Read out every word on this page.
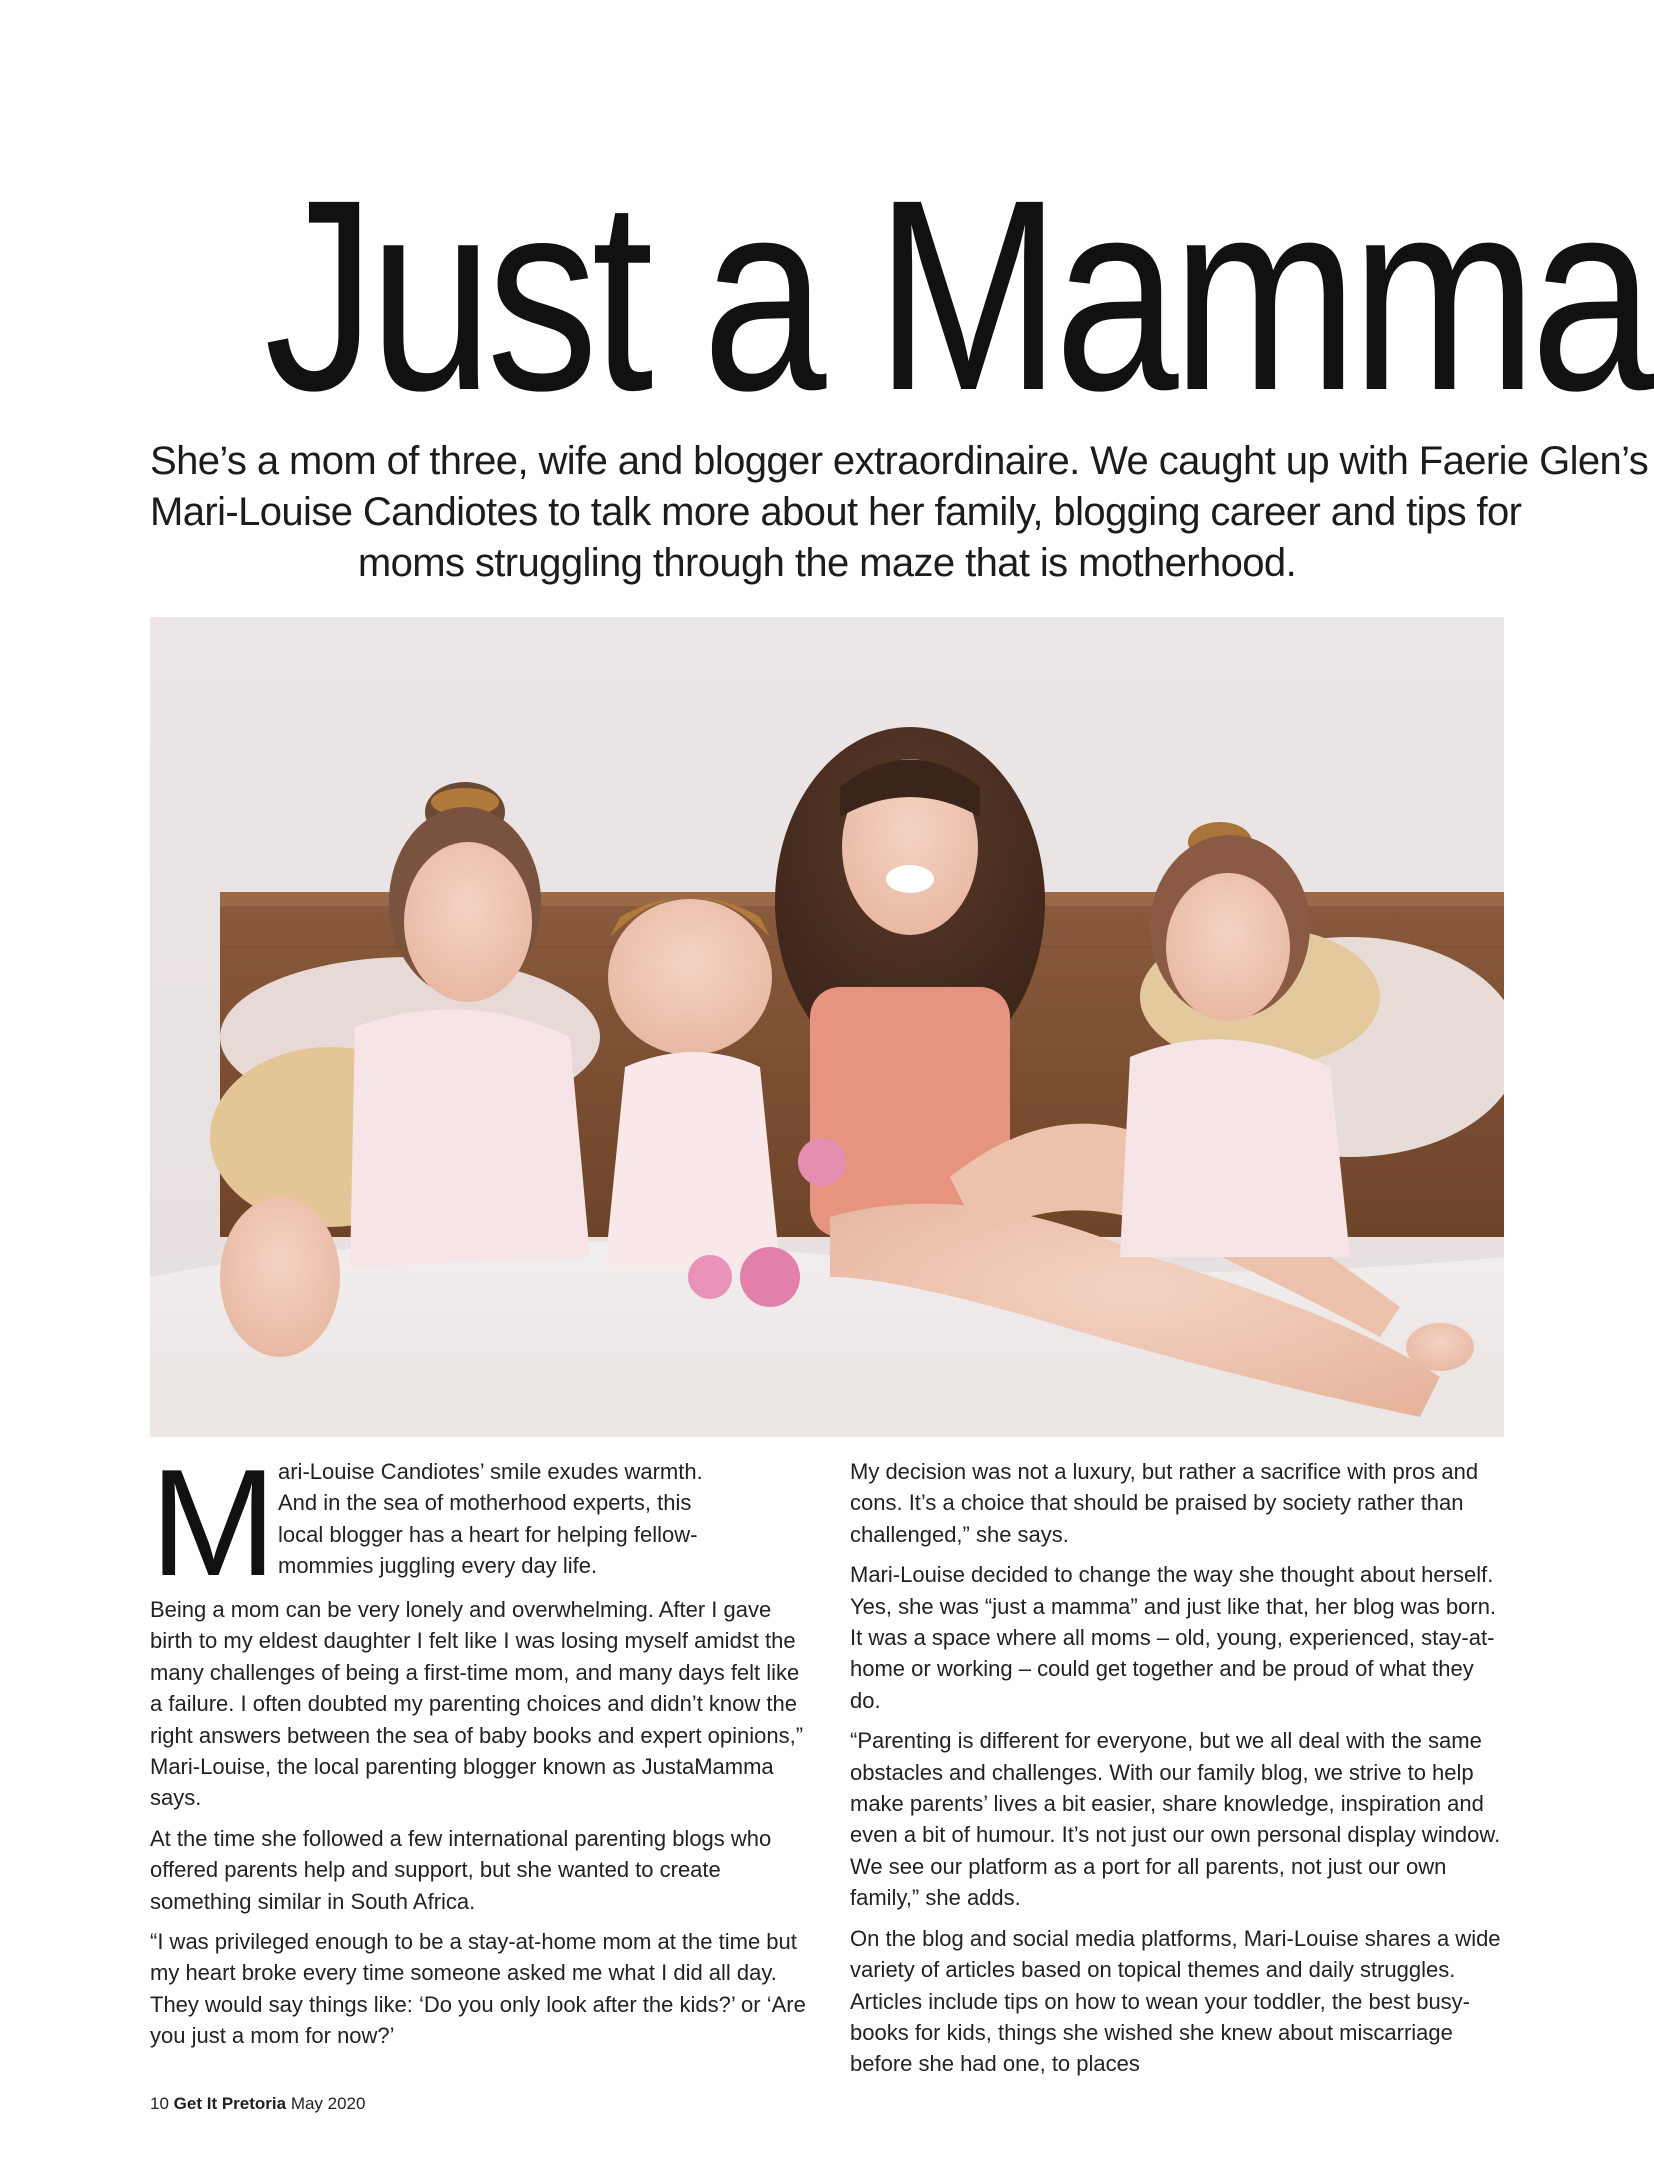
Just a Mamma
She’s a mom of three, wife and blogger extraordinaire. We caught up with Faerie Glen’s
Mari-Louise Candiotes to talk more about her family, blogging career and tips for
moms struggling through the maze that is motherhood.
M ari-Louise Candiotes’ smile exudes warmth.
And in the sea of motherhood experts, this
local blogger has a heart for helping fellow-
mommies juggling every day life.

Being a mom can be very lonely and overwhelming. After I gave birth to my eldest daughter I felt like I was losing myself amidst the many challenges of being a first-time mom, and many days felt like a failure. I often doubted my parenting choices and didn’t know the right answers between the sea of baby books and expert opinions,” Mari-Louise, the local parenting blogger known as JustaMamma says.

At the time she followed a few international parenting blogs who offered parents help and support, but she wanted to create something similar in South Africa.

“I was privileged enough to be a stay-at-home mom at the time but my heart broke every time someone asked me what I did all day. They would say things like: ‘Do you only look after the kids?’ or ‘Are you just a mom for now?’

My decision was not a luxury, but rather a sacrifice with pros and cons. It’s a choice that should be praised by society rather than challenged,” she says.

Mari-Louise decided to change the way she thought about herself. Yes, she was “just a mamma” and just like that, her blog was born. It was a space where all moms – old, young, experienced, stay-at-home or working – could get together and be proud of what they do.

“Parenting is different for everyone, but we all deal with the same obstacles and challenges. With our family blog, we strive to help make parents’ lives a bit easier, share knowledge, inspiration and even a bit of humour. It’s not just our own personal display window. We see our platform as a port for all parents, not just our own family,” she adds.

On the blog and social media platforms, Mari-Louise shares a wide variety of articles based on topical themes and daily struggles. Articles include tips on how to wean your toddler, the best busy-books for kids, things she wished she knew about miscarriage before she had one, to places

10 Get It Pretoria May 2020
